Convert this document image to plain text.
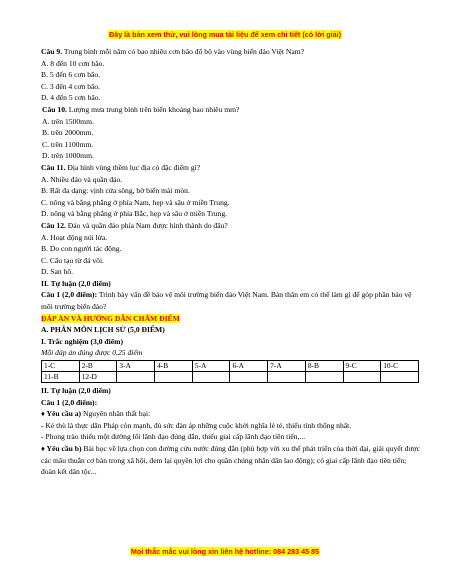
Đây là bản xem thử, vui lòng mua tài liệu để xem chi tiết (có lời giải)
Câu 9. Trung bình mỗi năm có bao nhiêu cơn bão đổ bộ vào vùng biển đảo Việt Nam?
A. 8 đến 10 cơn bão.
B. 5 đến 6 cơn bão.
C. 3 đến 4 cơn bão.
D. 4 đến 5 cơn bão.
Câu 10. Lượng mưa trung bình trên biển khoảng bao nhiêu mm?
A. trên 1500mm.
B. trên 2000mm.
C. trên 1100mm.
D. trên 1000mm.
Câu 11. Địa hình vùng thềm lục địa có đặc điểm gì?
A. Nhiều đảo và quần đảo.
B. Rất đa dạng: vịnh cửa sông, bờ biển mài mòn.
C. nông và bằng phẳng ở phía Nam, hẹp và sâu ở miền Trung.
D. nông và bằng phẳng ở phía Bắc, hẹp và sâu ở miền Trung.
Câu 12. Đảo và quần đảo phía Nam được hình thành do đâu?
A. Hoạt động núi lửa.
B. Do con người tác động.
C. Cấu tạo từ đá vôi.
D. San hô.
II. Tự luận (2,0 điểm)
Câu 1 (2,0 điểm): Trình bày vấn đề bảo vệ môi trường biển đảo Việt Nam. Bản thân em có thể làm gì để góp phần bảo vệ môi trường biển đảo?
ĐÁP ÁN VÀ HƯỚNG DẪN CHẤM ĐIỂM
A. PHÂN MÔN LỊCH SỬ (5,0 ĐIỂM)
I. Trắc nghiệm (3,0 điểm)
Mỗi đáp án đúng được 0,25 điểm
1-C	2-B	3-A	4-B	5-A	6-A	7-A	8-B	9-C	10-C
11-B	12-D								
II. Tự luận (2,0 điểm)
Câu 1 (2,0 điểm):
♦ Yêu cầu a) Nguyên nhân thất bại:
- Kẻ thù là thực dân Pháp còn mạnh, đủ sức đàn áp những cuộc khởi nghĩa lẻ tẻ, thiếu tính thống nhất.
- Phong trào thiếu một đường lối lãnh đạo đúng đắn, thiếu giai cấp lãnh đạo tiên tiến,...
♦ Yêu cầu b) Bài học về lựa chọn con đường cứu nước đúng đắn (phù hợp với xu thế phát triển của thời đại, giải quyết được các mâu thuẫn cơ bản trong xã hội, đem lại quyền lợi cho quần chúng nhân dân lao động); có giai cấp lãnh đạo tiên tiến; đoàn kết dân tộc...
Mọi thắc mắc vui lòng xin liên hệ hotline: 084 283 45 85
